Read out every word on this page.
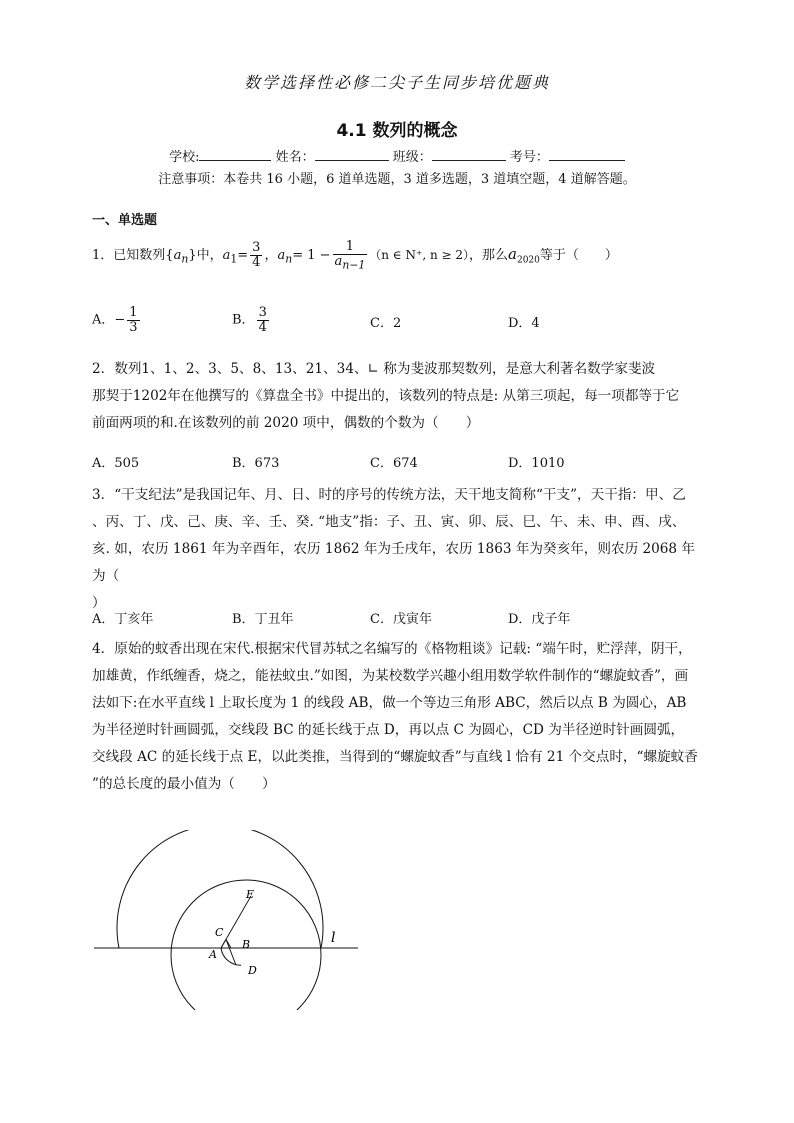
数学选择性必修二尖子生同步培优题典
4.1 数列的概念
学校:	姓名：	班级：	考号：
注意事项：本卷共 16 小题，6 道单选题，3 道多选题，3 道填空题，4 道解答题。
一、单选题
1．已知数列$\{a_n\}$中，$a_1= \frac{3}{4}$ ，$a_n= 1 - \frac{1}{a_{n-1}} (n$ ∈ N⁺, n ≥ 2），那么$a_{2020}$等于（　　）
A．− $\frac{1}{3}$	B． $\frac{3}{4}$	C．2	D．4
2．数列1、1、2、3、5、8、13、21、34、∟ 称为斐波那契数列，是意大利著名数学家斐波
那契于1202年在他撰写的《算盘全书》中提出的，该数列的特点是: 从第三项起，每一项都等于它
前面两项的和.在该数列的前 2020 项中，偶数的个数为（　　）
A．505	B．673	C．674	D．1010
3．“干支纪法”是我国记年、月、日、时的序号的传统方法，天干地支简称“干支”，天干指：甲、乙
、丙、丁、戊、己、庚、辛、壬、癸. “地支”指：子、丑、寅、卯、辰、巳、午、未、申、酉、戌、
亥. 如，农历 1861 年为辛酉年，农历 1862 年为壬戌年，农历 1863 年为癸亥年，则农历 2068 年为（
）
A．丁亥年	B．丁丑年	C．戊寅年	D．戊子年
4．原始的蚊香出现在宋代.根据宋代冒苏轼之名编写的《格物粗谈》记载: “端午时，贮浮萍，阴干，
加雄黄，作纸缠香，烧之，能祛蚊虫.”如图，为某校数学兴趣小组用数学软件制作的“螺旋蚊香”，画
法如下:在水平直线 l 上取长度为 1 的线段 AB，做一个等边三角形 ABC，然后以点 B 为圆心，AB
为半径逆时针画圆弧，交线段 BC 的延长线于点 D，再以点 C 为圆心，CD 为半径逆时针画圆弧，
交线段 AC 的延长线于点 E，以此类推，当得到的“螺旋蚊香”与直线 l 恰有 21 个交点时，“螺旋蚊香
”的总长度的最小值为（　　）
E
C
B
A
D
l
